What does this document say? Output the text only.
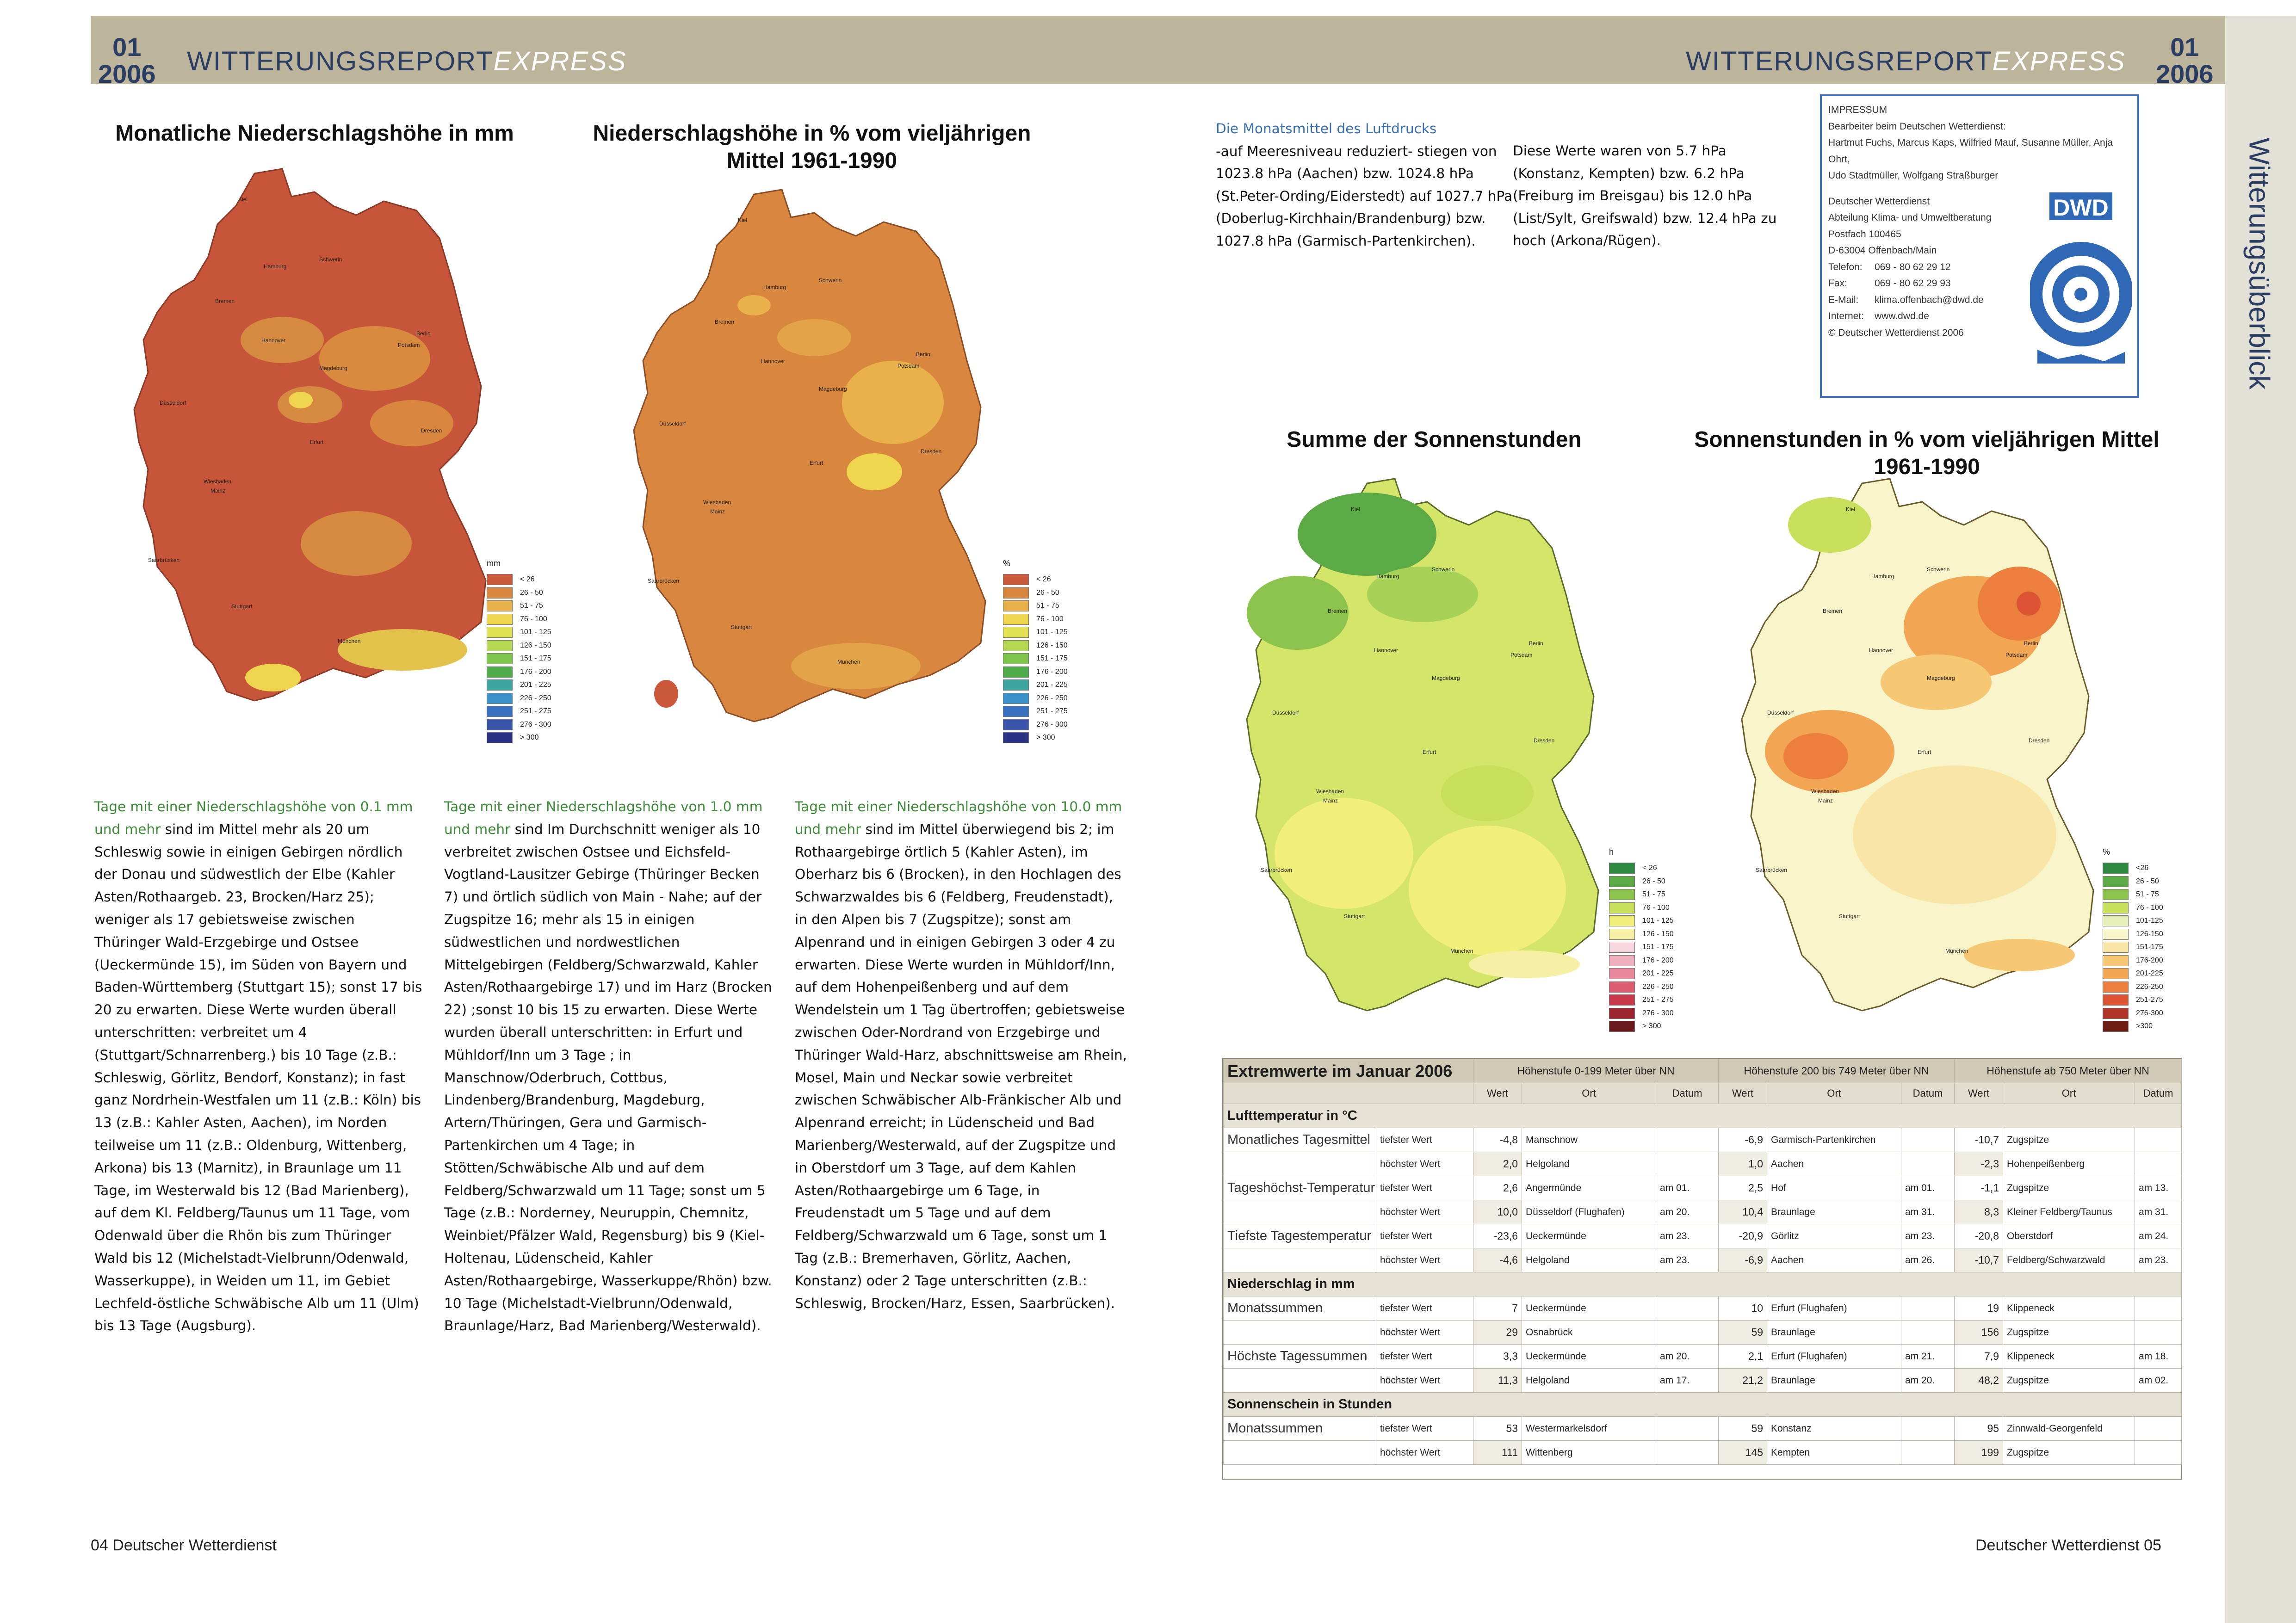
01
2006 WITTERUNGSREPORTEXPRESS	WITTERUNGSREPORTEXPRESS	01
2006
Witterungsüberblick
Monatliche Niederschlagshöhe in mm	Niederschlagshöhe in % vom vieljährigen Mittel 1961-1990
Summe der Sonnenstunden	Sonnenstunden in % vom vieljährigen Mittel 1961-1990
Kiel
Schwerin
Hamburg
Bremen
Hannover
Berlin
Potsdam
Magdeburg
Düsseldorf
Erfurt
Dresden
Wiesbaden
Mainz
Saarbrücken
Stuttgart
München
mm
< 26
26 - 50
51 - 75
76 - 100
101 - 125
126 - 150
151 - 175
176 - 200
201 - 225
226 - 250
251 - 275
276 - 300
> 300
Kiel
Schwerin
Hamburg
Bremen
Hannover
Berlin
Potsdam
Magdeburg
Düsseldorf
Erfurt
Dresden
Wiesbaden
Mainz
Saarbrücken
Stuttgart
München
%
< 26
26 - 50
51 - 75
76 - 100
101 - 125
126 - 150
151 - 175
176 - 200
201 - 225
226 - 250
251 - 275
276 - 300
> 300
Die Monatsmittel des Luftdrucks
-auf Meeresniveau reduziert- stiegen von 1023.8 hPa (Aachen) bzw. 1024.8 hPa (St.Peter-Ording/Eiderstedt) auf 1027.7 hPa (Doberlug-Kirchhain/Brandenburg) bzw. 1027.8 hPa (Garmisch-Partenkirchen).
Diese Werte waren von 5.7 hPa (Konstanz, Kempten) bzw. 6.2 hPa (Freiburg im Breisgau) bis 12.0 hPa (List/Sylt, Greifswald) bzw. 12.4 hPa zu hoch (Arkona/Rügen).
IMPRESSUM
Bearbeiter beim Deutschen Wetterdienst:
Hartmut Fuchs, Marcus Kaps, Wilfried Mauf, Susanne Müller, Anja Ohrt,
Udo Stadtmüller, Wolfgang Straßburger
Deutscher Wetterdienst
Abteilung Klima- und Umweltberatung
Postfach 100465
D-63004 Offenbach/Main
Telefon: 069 - 80 62 29 12
Fax:	069 - 80 62 29 93
E-Mail: klima.offenbach@dwd.de
Internet: www.dwd.de
© Deutscher Wetterdienst 2006
DWD
Kiel
Schwerin
Hamburg
Bremen
Hannover
Berlin
Potsdam
Magdeburg
Düsseldorf
Erfurt
Dresden
Wiesbaden
Mainz
Saarbrücken
Stuttgart
München
h
< 26
26 - 50
51 - 75
76 - 100
101 - 125
126 - 150
151 - 175
176 - 200
201 - 225
226 - 250
251 - 275
276 - 300
> 300
Kiel
Schwerin
Hamburg
Bremen
Hannover
Berlin
Potsdam
Magdeburg
Düsseldorf
Erfurt
Dresden
Wiesbaden
Mainz
Saarbrücken
Stuttgart
München
%
<26
26 - 50
51 - 75
76 - 100
101-125
126-150
151-175
176-200
201-225
226-250
251-275
276-300
>300
Tage mit einer Niederschlagshöhe von 0.1 mm und mehr sind im Mittel mehr als 20 um Schleswig sowie in einigen Gebirgen nördlich der Donau und südwestlich der Elbe (Kahler Asten/Rothaargeb. 23, Brocken/Harz 25); weniger als 17 gebietsweise zwischen Thüringer Wald-Erzgebirge und Ostsee (Ueckermünde 15), im Süden von Bayern und Baden-Württemberg (Stuttgart 15); sonst 17 bis 20 zu erwarten. Diese Werte wurden überall unterschritten: verbreitet um 4 (Stuttgart/Schnarrenberg.) bis 10 Tage (z.B.: Schleswig, Görlitz, Bendorf, Konstanz); in fast ganz Nordrhein-Westfalen um 11 (z.B.: Köln) bis 13 (z.B.: Kahler Asten, Aachen), im Norden teilweise um 11 (z.B.: Oldenburg, Wittenberg, Arkona) bis 13 (Marnitz), in Braunlage um 11 Tage, im Westerwald bis 12 (Bad Marienberg), auf dem Kl. Feldberg/Taunus um 11 Tage, vom Odenwald über die Rhön bis zum Thüringer Wald bis 12 (Michelstadt-Vielbrunn/Odenwald, Wasserkuppe), in Weiden um 11, im Gebiet Lechfeld-östliche Schwäbische Alb um 11 (Ulm) bis 13 Tage (Augsburg).
Tage mit einer Niederschlagshöhe von 1.0 mm und mehr sind Im Durchschnitt weniger als 10 verbreitet zwischen Ostsee und Eichsfeld-Vogtland-Lausitzer Gebirge (Thüringer Becken 7) und örtlich südlich von Main - Nahe; auf der Zugspitze 16; mehr als 15 in einigen südwestlichen und nordwestlichen Mittelgebirgen (Feldberg/Schwarzwald, Kahler Asten/Rothaargebirge 17) und im Harz (Brocken 22) ;sonst 10 bis 15 zu erwarten. Diese Werte wurden überall unterschritten: in Erfurt und Mühldorf/Inn um 3 Tage ; in Manschnow/Oderbruch, Cottbus, Lindenberg/Brandenburg, Magdeburg, Artern/Thüringen, Gera und Garmisch-Partenkirchen um 4 Tage; in Stötten/Schwäbische Alb und auf dem Feldberg/Schwarzwald um 11 Tage; sonst um 5 Tage (z.B.: Norderney, Neuruppin, Chemnitz, Weinbiet/Pfälzer Wald, Regensburg) bis 9 (Kiel-Holtenau, Lüdenscheid, Kahler Asten/Rothaargebirge, Wasserkuppe/Rhön) bzw. 10 Tage (Michelstadt-Vielbrunn/Odenwald, Braunlage/Harz, Bad Marienberg/Westerwald).
Tage mit einer Niederschlagshöhe von 10.0 mm und mehr sind im Mittel überwiegend bis 2; im Rothaargebirge örtlich 5 (Kahler Asten), im Oberharz bis 6 (Brocken), in den Hochlagen des Schwarzwaldes bis 6 (Feldberg, Freudenstadt), in den Alpen bis 7 (Zugspitze); sonst am Alpenrand und in einigen Gebirgen 3 oder 4 zu erwarten. Diese Werte wurden in Mühldorf/Inn, auf dem Hohenpeißenberg und auf dem Wendelstein um 1 Tag übertroffen; gebietsweise zwischen Oder-Nordrand von Erzgebirge und Thüringer Wald-Harz, abschnittsweise am Rhein, Mosel, Main und Neckar sowie verbreitet zwischen Schwäbischer Alb-Fränkischer Alb und Alpenrand erreicht; in Lüdenscheid und Bad Marienberg/Westerwald, auf der Zugspitze und in Oberstdorf um 3 Tage, auf dem Kahlen Asten/Rothaargebirge um 6 Tage, in Freudenstadt um 5 Tage und auf dem Feldberg/Schwarzwald um 6 Tage, sonst um 1 Tag (z.B.: Bremerhaven, Görlitz, Aachen, Konstanz) oder 2 Tage unterschritten (z.B.: Schleswig, Brocken/Harz, Essen, Saarbrücken).
Extremwerte im Januar 2006		Höhenstufe 0-199 Meter über NN			Höhenstufe 200 bis 749 Meter über NN			Höhenstufe ab 750 Meter über NN		
		Wert	Ort	Datum	Wert	Ort	Datum	Wert	Ort	Datum
Lufttemperatur in °C										
Monatliches Tagesmittel	tiefster Wert	-4,8	Manschnow		-6,9	Garmisch-Partenkirchen		-10,7	Zugspitze	
	höchster Wert	2,0	Helgoland		1,0	Aachen		-2,3	Hohenpeißenberg	
Tageshöchst-Temperatur	tiefster Wert	2,6	Angermünde	am 01.	2,5	Hof	am 01.	-1,1	Zugspitze	am 13.
	höchster Wert	10,0	Düsseldorf (Flughafen)	am 20.	10,4	Braunlage	am 31.	8,3	Kleiner Feldberg/Taunus	am 31.
Tiefste Tagestemperatur	tiefster Wert	-23,6	Ueckermünde	am 23.	-20,9	Görlitz	am 23.	-20,8	Oberstdorf	am 24.
	höchster Wert	-4,6	Helgoland	am 23.	-6,9	Aachen	am 26.	-10,7	Feldberg/Schwarzwald	am 23.
Niederschlag in mm										
Monatssummen	tiefster Wert	7	Ueckermünde		10	Erfurt (Flughafen)		19	Klippeneck	
	höchster Wert	29	Osnabrück		59	Braunlage		156	Zugspitze	
Höchste Tagessummen	tiefster Wert	3,3	Ueckermünde	am 20.	2,1	Erfurt (Flughafen)	am 21.	7,9	Klippeneck	am 18.
	höchster Wert	11,3	Helgoland	am 17.	21,2	Braunlage	am 20.	48,2	Zugspitze	am 02.
Sonnenschein in Stunden										
Monatssummen	tiefster Wert	53	Westermarkelsdorf		59	Konstanz		95	Zinnwald-Georgenfeld	
	höchster Wert	111	Wittenberg		145	Kempten		199	Zugspitze	
04 Deutscher Wetterdienst	Deutscher Wetterdienst 05
